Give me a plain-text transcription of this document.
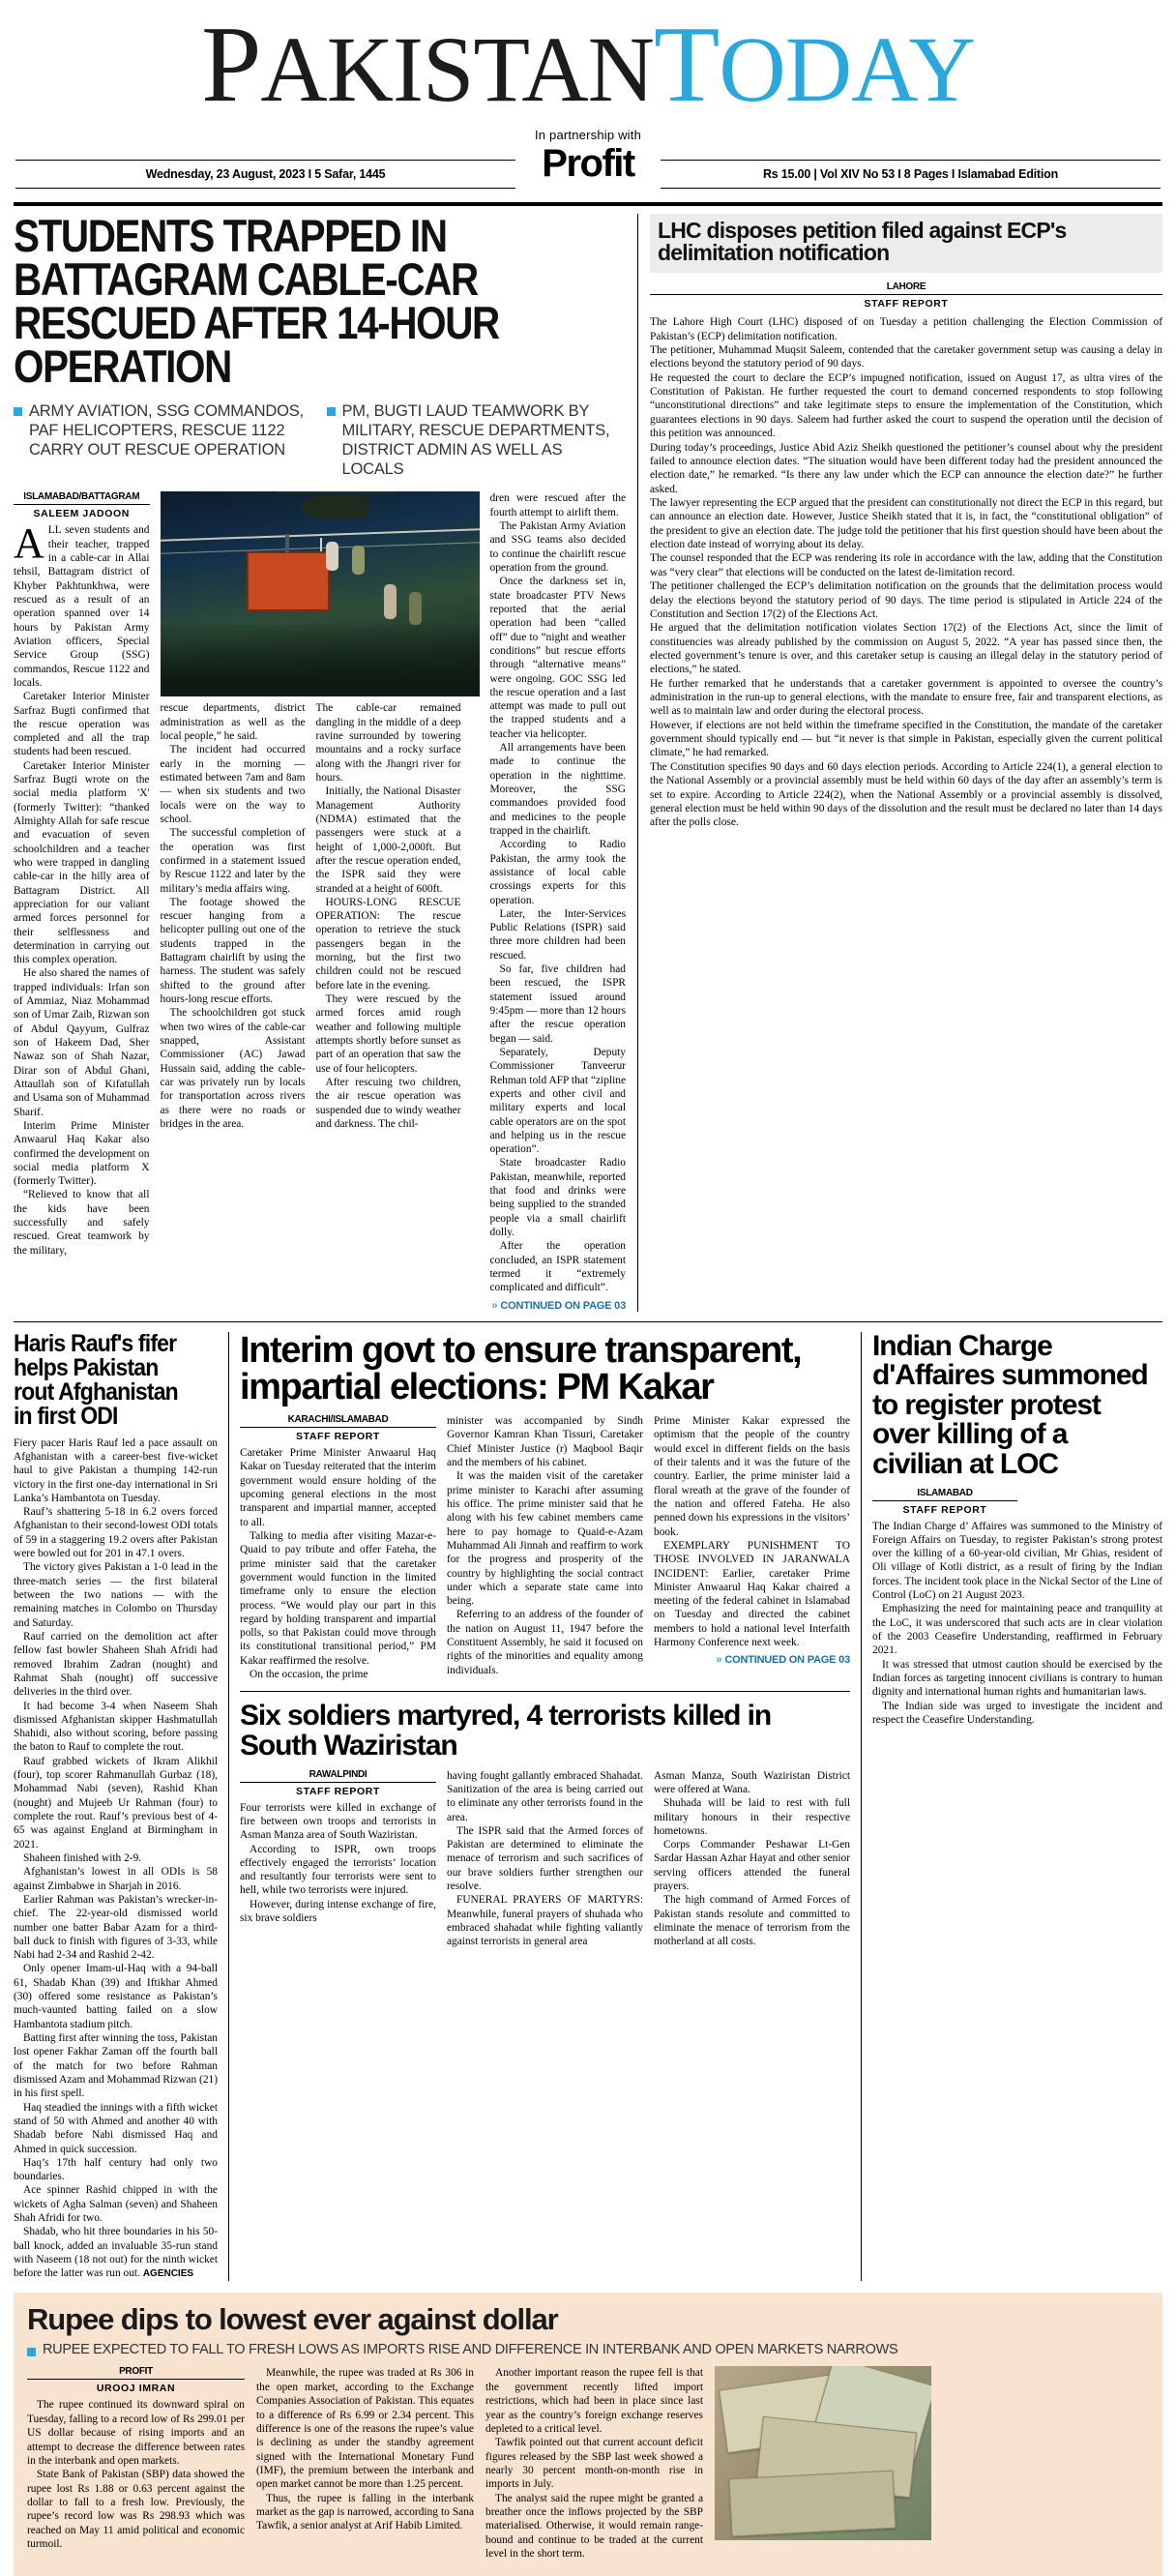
PAKISTANTODAY
In partnership with
Profit
Wednesday, 23 August, 2023 I 5 Safar, 1445	Rs 15.00 | Vol XIV No 53 I 8 Pages I Islamabad Edition
STUDENTS TRAPPED IN BATTAGRAM CABLE-CAR RESCUED AFTER 14-HOUR OPERATION
ARMY AVIATION, SSG COMMANDOS, PAF HELICOPTERS, RESCUE 1122 CARRY OUT RESCUE OPERATION
PM, BUGTI LAUD TEAMWORK BY MILITARY, RESCUE DEPARTMENTS, DISTRICT ADMIN AS WELL AS LOCALS
ISLAMABAD/BATTAGRAM
SALEEM JADOON

ALL seven students and their teacher, trapped in a cable-car in Allai tehsil, Battagram district of Khyber Pakhtunkhwa, were rescued as a result of an operation spanned over 14 hours by Pakistan Army Aviation officers, Special Service Group (SSG) commandos, Rescue 1122 and locals.

Caretaker Interior Minister Sarfraz Bugti confirmed that the rescue operation was completed and all the trap students had been rescued.

Caretaker Interior Minister Sarfraz Bugti wrote on the social media platform 'X' (formerly Twitter): “thanked Almighty Allah for safe rescue and evacuation of seven schoolchildren and a teacher who were trapped in dangling cable-car in the hilly area of Battagram District. All appreciation for our valiant armed forces personnel for their selflessness and determination in carrying out this complex operation.

He also shared the names of trapped individuals: Irfan son of Ammiaz, Niaz Mohammad son of Umar Zaib, Rizwan son of Abdul Qayyum, Gulfraz son of Hakeem Dad, Sher Nawaz son of Shah Nazar, Dirar son of Abdul Ghani, Attaullah son of Kifatullah and Usama son of Muhammad Sharif.

Interim Prime Minister Anwaarul Haq Kakar also confirmed the development on social media platform X (formerly Twitter).

“Relieved to know that all the kids have been successfully and safely rescued. Great teamwork by the military,

rescue departments, district administration as well as the local people,” he said.

The incident had occurred early in the morning — estimated between 7am and 8am — when six students and two locals were on the way to school.

The successful completion of the operation was first confirmed in a statement issued by Rescue 1122 and later by the military’s media affairs wing.

The footage showed the rescuer hanging from a helicopter pulling out one of the students trapped in the Battagram chairlift by using the harness. The student was safely shifted to the ground after hours-long rescue efforts.

The schoolchildren got stuck when two wires of the cable-car snapped, Assistant Commissioner (AC) Jawad Hussain said, adding the cable-car was privately run by locals for transportation across rivers as there were no roads or bridges in the area.

The cable-car remained dangling in the middle of a deep ravine surrounded by towering mountains and a rocky surface along with the Jhangri river for hours.

Initially, the National Disaster Management Authority (NDMA) estimated that the passengers were stuck at a height of 1,000-2,000ft. But after the rescue operation ended, the ISPR said they were stranded at a height of 600ft.

HOURS-LONG RESCUE OPERATION: The rescue operation to retrieve the stuck passengers began in the morning, but the first two children could not be rescued before late in the evening.

They were rescued by the armed forces amid rough weather and following multiple attempts shortly before sunset as part of an operation that saw the use of four helicopters.

After rescuing two children, the air rescue operation was suspended due to windy weather and darkness. The chil-

dren were rescued after the fourth attempt to airlift them.

The Pakistan Army Aviation and SSG teams also decided to continue the chairlift rescue operation from the ground.

Once the darkness set in, state broadcaster PTV News reported that the aerial operation had been “called off” due to “night and weather conditions” but rescue efforts through “alternative means” were ongoing. GOC SSG led the rescue operation and a last attempt was made to pull out the trapped students and a teacher via helicopter.

All arrangements have been made to continue the operation in the nighttime. Moreover, the SSG commandoes provided food and medicines to the people trapped in the chairlift.

According to Radio Pakistan, the army took the assistance of local cable crossings experts for this operation.

Later, the Inter-Services Public Relations (ISPR) said three more children had been rescued.

So far, five children had been rescued, the ISPR statement issued around 9:45pm — more than 12 hours after the rescue operation began — said.

Separately, Deputy Commissioner Tanveerur Rehman told AFP that “zipline experts and other civil and military experts and local cable operators are on the spot and helping us in the rescue operation”.

State broadcaster Radio Pakistan, meanwhile, reported that food and drinks were being supplied to the stranded people via a small chairlift dolly.

After the operation concluded, an ISPR statement termed it “extremely complicated and difficult”.

» CONTINUED ON PAGE 03
LHC disposes petition filed against ECP's delimitation notification
LAHORE
STAFF REPORT

The Lahore High Court (LHC) disposed of on Tuesday a petition challenging the Election Commission of Pakistan’s (ECP) delimitation notification.

The petitioner, Muhammad Muqsit Saleem, contended that the caretaker government setup was causing a delay in elections beyond the statutory period of 90 days.

He requested the court to declare the ECP’s impugned notification, issued on August 17, as ultra vires of the Constitution of Pakistan. He further requested the court to demand concerned respondents to stop following “unconstitutional directions” and take legitimate steps to ensure the implementation of the Constitution, which guarantees elections in 90 days. Saleem had further asked the court to suspend the operation until the decision of this petition was announced.

During today’s proceedings, Justice Abid Aziz Sheikh questioned the petitioner’s counsel about why the president failed to announce election dates. “The situation would have been different today had the president announced the election date,” he remarked. “Is there any law under which the ECP can announce the election date?” he further asked.

The lawyer representing the ECP argued that the president can constitutionally not direct the ECP in this regard, but can announce an election date. However, Justice Sheikh stated that it is, in fact, the “constitutional obligation” of the president to give an election date. The judge told the petitioner that his first question should have been about the election date instead of worrying about its delay.

The counsel responded that the ECP was rendering its role in accordance with the law, adding that the Constitution was “very clear” that elections will be conducted on the latest de-limitation record.

The petitioner challenged the ECP’s delimitation notification on the grounds that the delimitation process would delay the elections beyond the statutory period of 90 days. The time period is stipulated in Article 224 of the Constitution and Section 17(2) of the Elections Act.

He argued that the delimitation notification violates Section 17(2) of the Elections Act, since the limit of constituencies was already published by the commission on August 5, 2022. “A year has passed since then, the elected government’s tenure is over, and this caretaker setup is causing an illegal delay in the statutory period of elections,” he stated.

He further remarked that he understands that a caretaker government is appointed to oversee the country’s administration in the run-up to general elections, with the mandate to ensure free, fair and transparent elections, as well as to maintain law and order during the electoral process.

However, if elections are not held within the timeframe specified in the Constitution, the mandate of the caretaker government should typically end — but “it never is that simple in Pakistan, especially given the current political climate,” he had remarked.

The Constitution specifies 90 days and 60 days election periods. According to Article 224(1), a general election to the National Assembly or a provincial assembly must be held within 60 days of the day after an assembly’s term is set to expire. According to Article 224(2), when the National Assembly or a provincial assembly is dissolved, general election must be held within 90 days of the dissolution and the result must be declared no later than 14 days after the polls close.

Haris Rauf's fifer helps Pakistan rout Afghanistan in first ODI

Fiery pacer Haris Rauf led a pace assault on Afghanistan with a career-best five-wicket haul to give Pakistan a thumping 142-run victory in the first one-day international in Sri Lanka’s Hambantota on Tuesday.

Rauf’s shattering 5-18 in 6.2 overs forced Afghanistan to their second-lowest ODI totals of 59 in a staggering 19.2 overs after Pakistan were bowled out for 201 in 47.1 overs.

The victory gives Pakistan a 1-0 lead in the three-match series — the first bilateral between the two nations — with the remaining matches in Colombo on Thursday and Saturday.

Rauf carried on the demolition act after fellow fast bowler Shaheen Shah Afridi had removed Ibrahim Zadran (nought) and Rahmat Shah (nought) off successive deliveries in the third over.

It had become 3-4 when Naseem Shah dismissed Afghanistan skipper Hashmatullah Shahidi, also without scoring, before passing the baton to Rauf to complete the rout.

Rauf grabbed wickets of Ikram Alikhil (four), top scorer Rahmanullah Gurbaz (18), Mohammad Nabi (seven), Rashid Khan (nought) and Mujeeb Ur Rahman (four) to complete the rout. Rauf’s previous best of 4-65 was against England at Birmingham in 2021.

Shaheen finished with 2-9.

Afghanistan’s lowest in all ODIs is 58 against Zimbabwe in Sharjah in 2016.

Earlier Rahman was Pakistan’s wrecker-in-chief. The 22-year-old dismissed world number one batter Babar Azam for a third-ball duck to finish with figures of 3-33, while Nabi had 2-34 and Rashid 2-42.

Only opener Imam-ul-Haq with a 94-ball 61, Shadab Khan (39) and Iftikhar Ahmed (30) offered some resistance as Pakistan’s much-vaunted batting failed on a slow Hambantota stadium pitch.

Batting first after winning the toss, Pakistan lost opener Fakhar Zaman off the fourth ball of the match for two before Rahman dismissed Azam and Mohammad Rizwan (21) in his first spell.

Haq steadied the innings with a fifth wicket stand of 50 with Ahmed and another 40 with Shadab before Nabi dismissed Haq and Ahmed in quick succession.

Haq’s 17th half century had only two boundaries.

Ace spinner Rashid chipped in with the wickets of Agha Salman (seven) and Shaheen Shah Afridi for two.

Shadab, who hit three boundaries in his 50-ball knock, added an invaluable 35-run stand with Naseem (18 not out) for the ninth wicket before the latter was run out. AGENCIES

Interim govt to ensure transparent, impartial elections: PM Kakar
KARACHI/ISLAMABAD
STAFF REPORT

Caretaker Prime Minister Anwaarul Haq Kakar on Tuesday reiterated that the interim government would ensure holding of the upcoming general elections in the most transparent and impartial manner, accepted to all.

Talking to media after visiting Mazar-e-Quaid to pay tribute and offer Fateha, the prime minister said that the caretaker government would function in the limited timeframe only to ensure the election process. “We would play our part in this regard by holding transparent and impartial polls, so that Pakistan could move through its constitutional transitional period,” PM Kakar reaffirmed the resolve.

On the occasion, the prime

minister was accompanied by Sindh Governor Kamran Khan Tissuri, Caretaker Chief Minister Justice (r) Maqbool Baqir and the members of his cabinet.

It was the maiden visit of the caretaker prime minister to Karachi after assuming his office. The prime minister said that he along with his few cabinet members came here to pay homage to Quaid-e-Azam Muhammad Ali Jinnah and reaffirm to work for the progress and prosperity of the country by highlighting the social contract under which a separate state came into being.

Referring to an address of the founder of the nation on August 11, 1947 before the Constituent Assembly, he said it focused on rights of the minorities and equality among individuals.

Prime Minister Kakar expressed the optimism that the people of the country would excel in different fields on the basis of their talents and it was the future of the country. Earlier, the prime minister laid a floral wreath at the grave of the founder of the nation and offered Fateha. He also penned down his expressions in the visitors’ book.

EXEMPLARY PUNISHMENT TO THOSE INVOLVED IN JARANWALA INCIDENT: Earlier, caretaker Prime Minister Anwaarul Haq Kakar chaired a meeting of the federal cabinet in Islamabad on Tuesday and directed the cabinet members to hold a national level Interfaith Harmony Conference next week.

» CONTINUED ON PAGE 03
Six soldiers martyred, 4 terrorists killed in South Waziristan
RAWALPINDI
STAFF REPORT

Four terrorists were killed in exchange of fire between own troops and terrorists in Asman Manza area of South Waziristan.

According to ISPR, own troops effectively engaged the terrorists’ location and resultantly four terrorists were sent to hell, while two terrorists were injured.

However, during intense exchange of fire, six brave soldiers

having fought gallantly embraced Shahadat. Sanitization of the area is being carried out to eliminate any other terrorists found in the area.

The ISPR said that the Armed forces of Pakistan are determined to eliminate the menace of terrorism and such sacrifices of our brave soldiers further strengthen our resolve.

FUNERAL PRAYERS OF MARTYRS: Meanwhile, funeral prayers of shuhada who embraced shahadat while fighting valiantly against terrorists in general area

Asman Manza, South Waziristan District were offered at Wana.

Shuhada will be laid to rest with full military honours in their respective hometowns.

Corps Commander Peshawar Lt-Gen Sardar Hassan Azhar Hayat and other senior serving officers attended the funeral prayers.

The high command of Armed Forces of Pakistan stands resolute and committed to eliminate the menace of terrorism from the motherland at all costs.

Indian Charge d'Affaires summoned to register protest over killing of a civilian at LOC
ISLAMABAD
STAFF REPORT

The Indian Charge d’ Affaires was summoned to the Ministry of Foreign Affairs on Tuesday, to register Pakistan’s strong protest over the killing of a 60-year-old civilian, Mr Ghias, resident of Oli village of Kotli district, as a result of firing by the Indian forces. The incident took place in the Nickal Sector of the Line of Control (LoC) on 21 August 2023.

Emphasizing the need for maintaining peace and tranquility at the LoC, it was underscored that such acts are in clear violation of the 2003 Ceasefire Understanding, reaffirmed in February 2021.

It was stressed that utmost caution should be exercised by the Indian forces as targeting innocent civilians is contrary to human dignity and international human rights and humanitarian laws.

The Indian side was urged to investigate the incident and respect the Ceasefire Understanding.

Rupee dips to lowest ever against dollar
RUPEE EXPECTED TO FALL TO FRESH LOWS AS IMPORTS RISE AND DIFFERENCE IN INTERBANK AND OPEN MARKETS NARROWS
PROFIT
UROOJ IMRAN

The rupee continued its downward spiral on Tuesday, falling to a record low of Rs 299.01 per US dollar because of rising imports and an attempt to decrease the difference between rates in the interbank and open markets.

State Bank of Pakistan (SBP) data showed the rupee lost Rs 1.88 or 0.63 percent against the dollar to fall to a fresh low. Previously, the rupee’s record low was Rs 298.93 which was reached on May 11 amid political and economic turmoil.

Meanwhile, the rupee was traded at Rs 306 in the open market, according to the Exchange Companies Association of Pakistan. This equates to a difference of Rs 6.99 or 2.34 percent. This difference is one of the reasons the rupee’s value is declining as under the standby agreement signed with the International Monetary Fund (IMF), the premium between the interbank and open market cannot be more than 1.25 percent.

Thus, the rupee is falling in the interbank market as the gap is narrowed, according to Sana Tawfik, a senior analyst at Arif Habib Limited.

Another important reason the rupee fell is that the government recently lifted import restrictions, which had been in place since last year as the country’s foreign exchange reserves depleted to a critical level.

Tawfik pointed out that current account deficit figures released by the SBP last week showed a nearly 30 percent month-on-month rise in imports in July.

The analyst said the rupee might be granted a breather once the inflows projected by the SBP materialised. Otherwise, it would remain range-bound and continue to be traded at the current level in the short term.
